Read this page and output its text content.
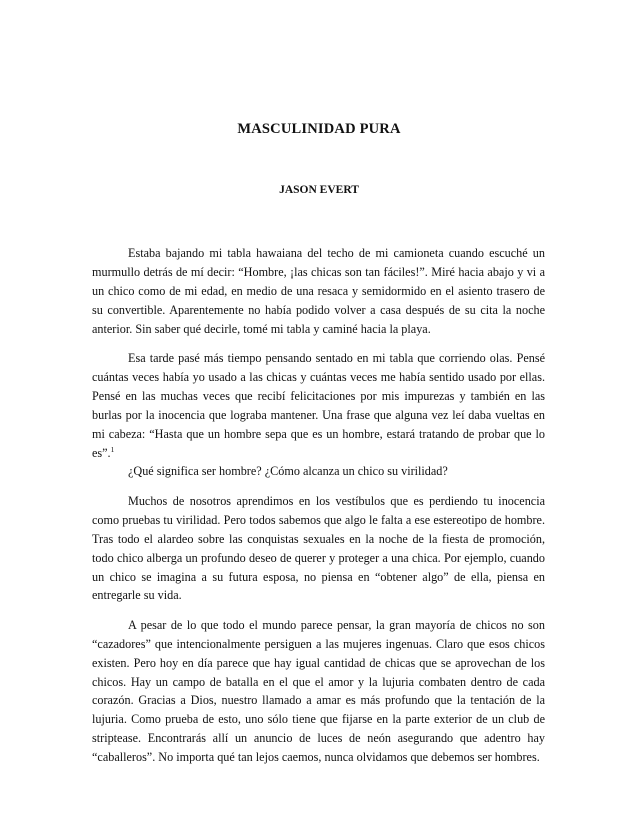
MASCULINIDAD PURA
JASON EVERT

Estaba bajando mi tabla hawaiana del techo de mi camioneta cuando escuché un murmullo detrás de mí decir: “Hombre, ¡las chicas son tan fáciles!”. Miré hacia abajo y vi a un chico como de mi edad, en medio de una resaca y semidormido en el asiento trasero de su convertible. Aparentemente no había podido volver a casa después de su cita la noche anterior. Sin saber qué decirle, tomé mi tabla y caminé hacia la playa.

Esa tarde pasé más tiempo pensando sentado en mi tabla que corriendo olas. Pensé cuántas veces había yo usado a las chicas y cuántas veces me había sentido usado por ellas. Pensé en las muchas veces que recibí felicitaciones por mis impurezas y también en las burlas por la inocencia que lograba mantener. Una frase que alguna vez leí daba vueltas en mi cabeza: “Hasta que un hombre sepa que es un hombre, estará tratando de probar que lo es”.$^1$

¿Qué significa ser hombre? ¿Cómo alcanza un chico su virilidad?

Muchos de nosotros aprendimos en los vestíbulos que es perdiendo tu inocencia como pruebas tu virilidad. Pero todos sabemos que algo le falta a ese estereotipo de hombre. Tras todo el alardeo sobre las conquistas sexuales en la noche de la fiesta de promoción, todo chico alberga un profundo deseo de querer y proteger a una chica. Por ejemplo, cuando un chico se imagina a su futura esposa, no piensa en “obtener algo” de ella, piensa en entregarle su vida.

A pesar de lo que todo el mundo parece pensar, la gran mayoría de chicos no son “cazadores” que intencionalmente persiguen a las mujeres ingenuas. Claro que esos chicos existen. Pero hoy en día parece que hay igual cantidad de chicas que se aprovechan de los chicos. Hay un campo de batalla en el que el amor y la lujuria combaten dentro de cada corazón. Gracias a Dios, nuestro llamado a amar es más profundo que la tentación de la lujuria. Como prueba de esto, uno sólo tiene que fijarse en la parte exterior de un club de striptease. Encontrarás allí un anuncio de luces de neón asegurando que adentro hay “caballeros”. No importa qué tan lejos caemos, nunca olvidamos que debemos ser hombres.
